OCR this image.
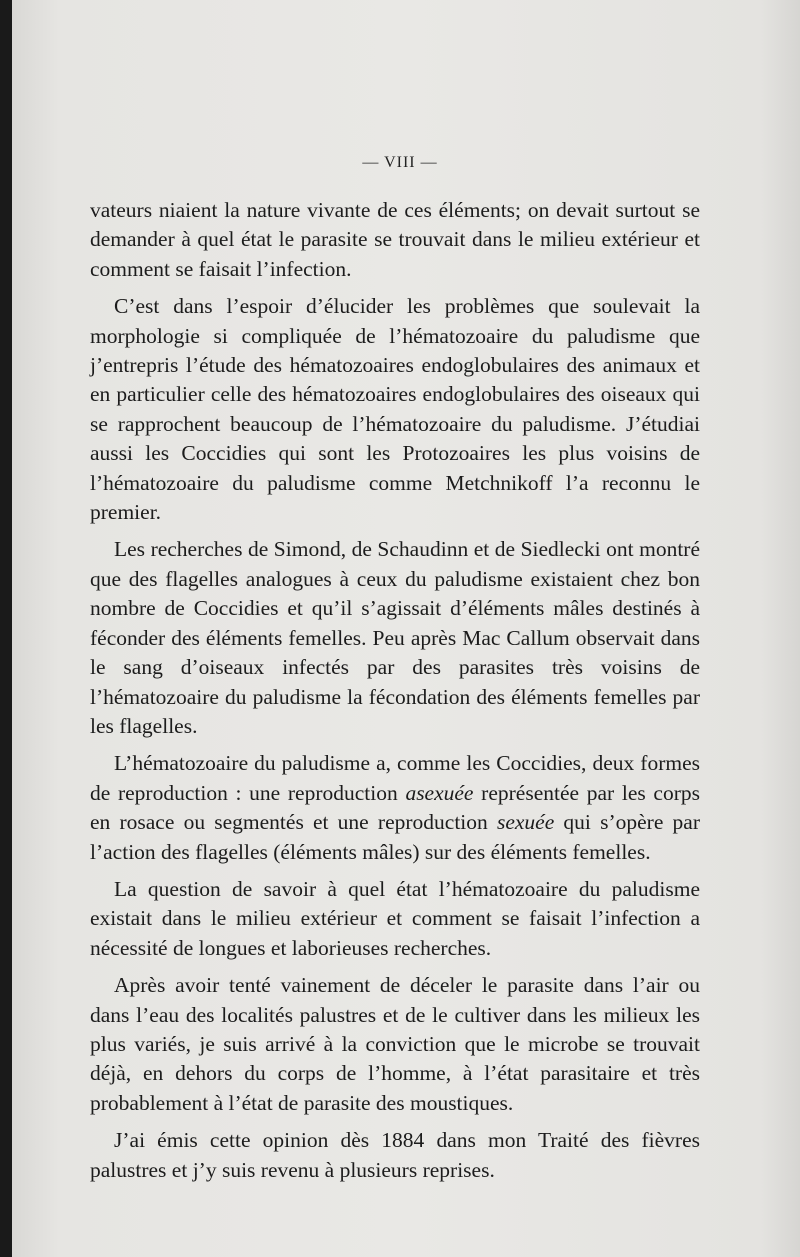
— VIII —

vateurs niaient la nature vivante de ces éléments; on devait surtout se demander à quel état le parasite se trouvait dans le milieu extérieur et comment se faisait l’infection.

C’est dans l’espoir d’élucider les problèmes que soulevait la morphologie si compliquée de l’hématozoaire du paludisme que j’entrepris l’étude des hématozoaires endoglobulaires des animaux et en particulier celle des hématozoaires endoglobulaires des oiseaux qui se rapprochent beaucoup de l’hématozoaire du paludisme. J’étudiai aussi les Coccidies qui sont les Protozoaires les plus voisins de l’hématozoaire du paludisme comme Metchnikoff l’a reconnu le premier.

Les recherches de Simond, de Schaudinn et de Siedlecki ont montré que des flagelles analogues à ceux du paludisme existaient chez bon nombre de Coccidies et qu’il s’agissait d’éléments mâles destinés à féconder des éléments femelles. Peu après Mac Callum observait dans le sang d’oiseaux infectés par des parasites très voisins de l’hématozoaire du paludisme la fécondation des éléments femelles par les flagelles.

L’hématozoaire du paludisme a, comme les Coccidies, deux formes de reproduction : une reproduction asexuée représentée par les corps en rosace ou segmentés et une reproduction sexuée qui s’opère par l’action des flagelles (éléments mâles) sur des éléments femelles.

La question de savoir à quel état l’hématozoaire du paludisme existait dans le milieu extérieur et comment se faisait l’infection a nécessité de longues et laborieuses recherches.

Après avoir tenté vainement de déceler le parasite dans l’air ou dans l’eau des localités palustres et de le cultiver dans les milieux les plus variés, je suis arrivé à la conviction que le microbe se trouvait déjà, en dehors du corps de l’homme, à l’état parasitaire et très probablement à l’état de parasite des moustiques.

J’ai émis cette opinion dès 1884 dans mon Traité des fièvres palustres et j’y suis revenu à plusieurs reprises.
